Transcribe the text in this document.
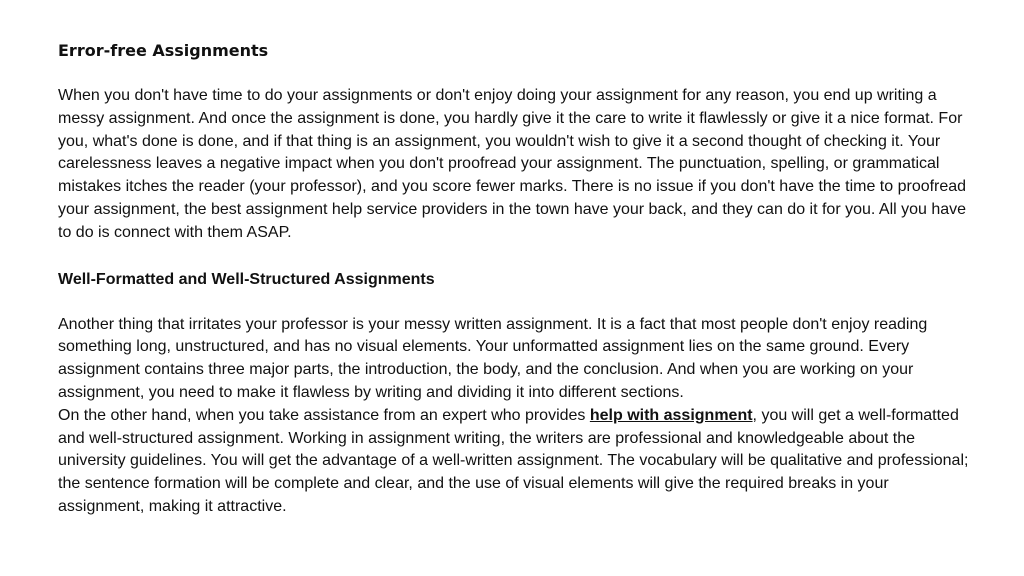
Error-free Assignments

When you don't have time to do your assignments or don't enjoy doing your assignment for any reason, you end up writing a messy assignment. And once the assignment is done, you hardly give it the care to write it flawlessly or give it a nice format. For you, what's done is done, and if that thing is an assignment, you wouldn't wish to give it a second thought of checking it. Your carelessness leaves a negative impact when you don't proofread your assignment. The punctuation, spelling, or grammatical mistakes itches the reader (your professor), and you score fewer marks. There is no issue if you don't have the time to proofread your assignment, the best assignment help service providers in the town have your back, and they can do it for you. All you have to do is connect with them ASAP.

Well-Formatted and Well-Structured Assignments

Another thing that irritates your professor is your messy written assignment. It is a fact that most people don't enjoy reading something long, unstructured, and has no visual elements. Your unformatted assignment lies on the same ground. Every assignment contains three major parts, the introduction, the body, and the conclusion. And when you are working on your assignment, you need to make it flawless by writing and dividing it into different sections.

On the other hand, when you take assistance from an expert who provides help with assignment, you will get a well-formatted and well-structured assignment. Working in assignment writing, the writers are professional and knowledgeable about the university guidelines. You will get the advantage of a well-written assignment. The vocabulary will be qualitative and professional; the sentence formation will be complete and clear, and the use of visual elements will give the required breaks in your assignment, making it attractive.
